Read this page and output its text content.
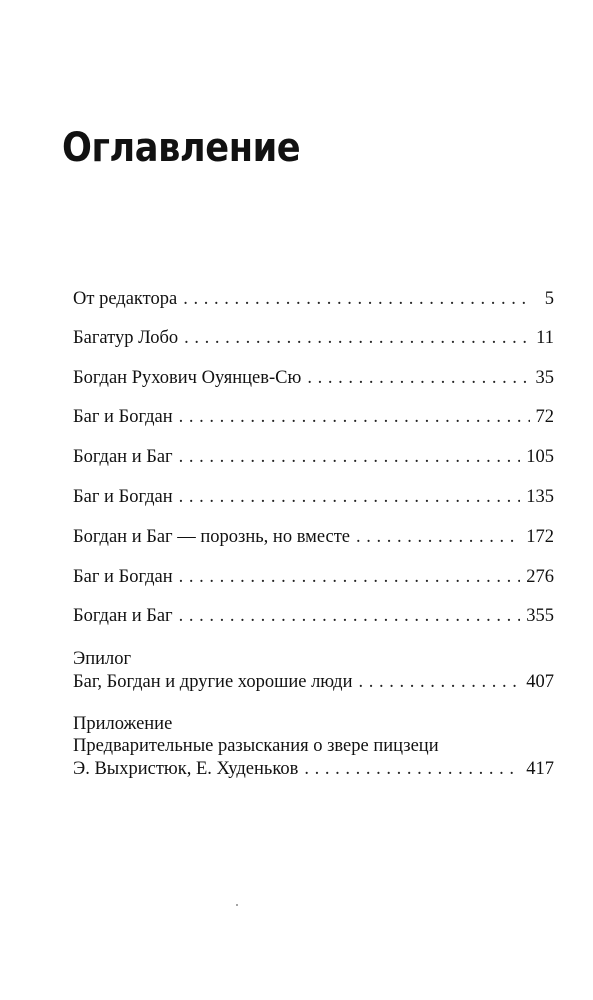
Оглавление
От редактора . . .	5
Багатур Лобо . . .	11
Богдан Рухович Оуянцев-Сю . . .	35
Баг и Богдан . . .	72
Богдан и Баг . . .	105
Баг и Богдан . . .	135
Богдан и Баг — порознь, но вместе . . .	172
Баг и Богдан . . .	276
Богдан и Баг . . .	355
Эпилог
Баг, Богдан и другие хорошие люди . . .	407
Приложение
Предварительные разыскания о звере пицзеци
Э. Выхристюк, Е. Худеньков . . .	417
